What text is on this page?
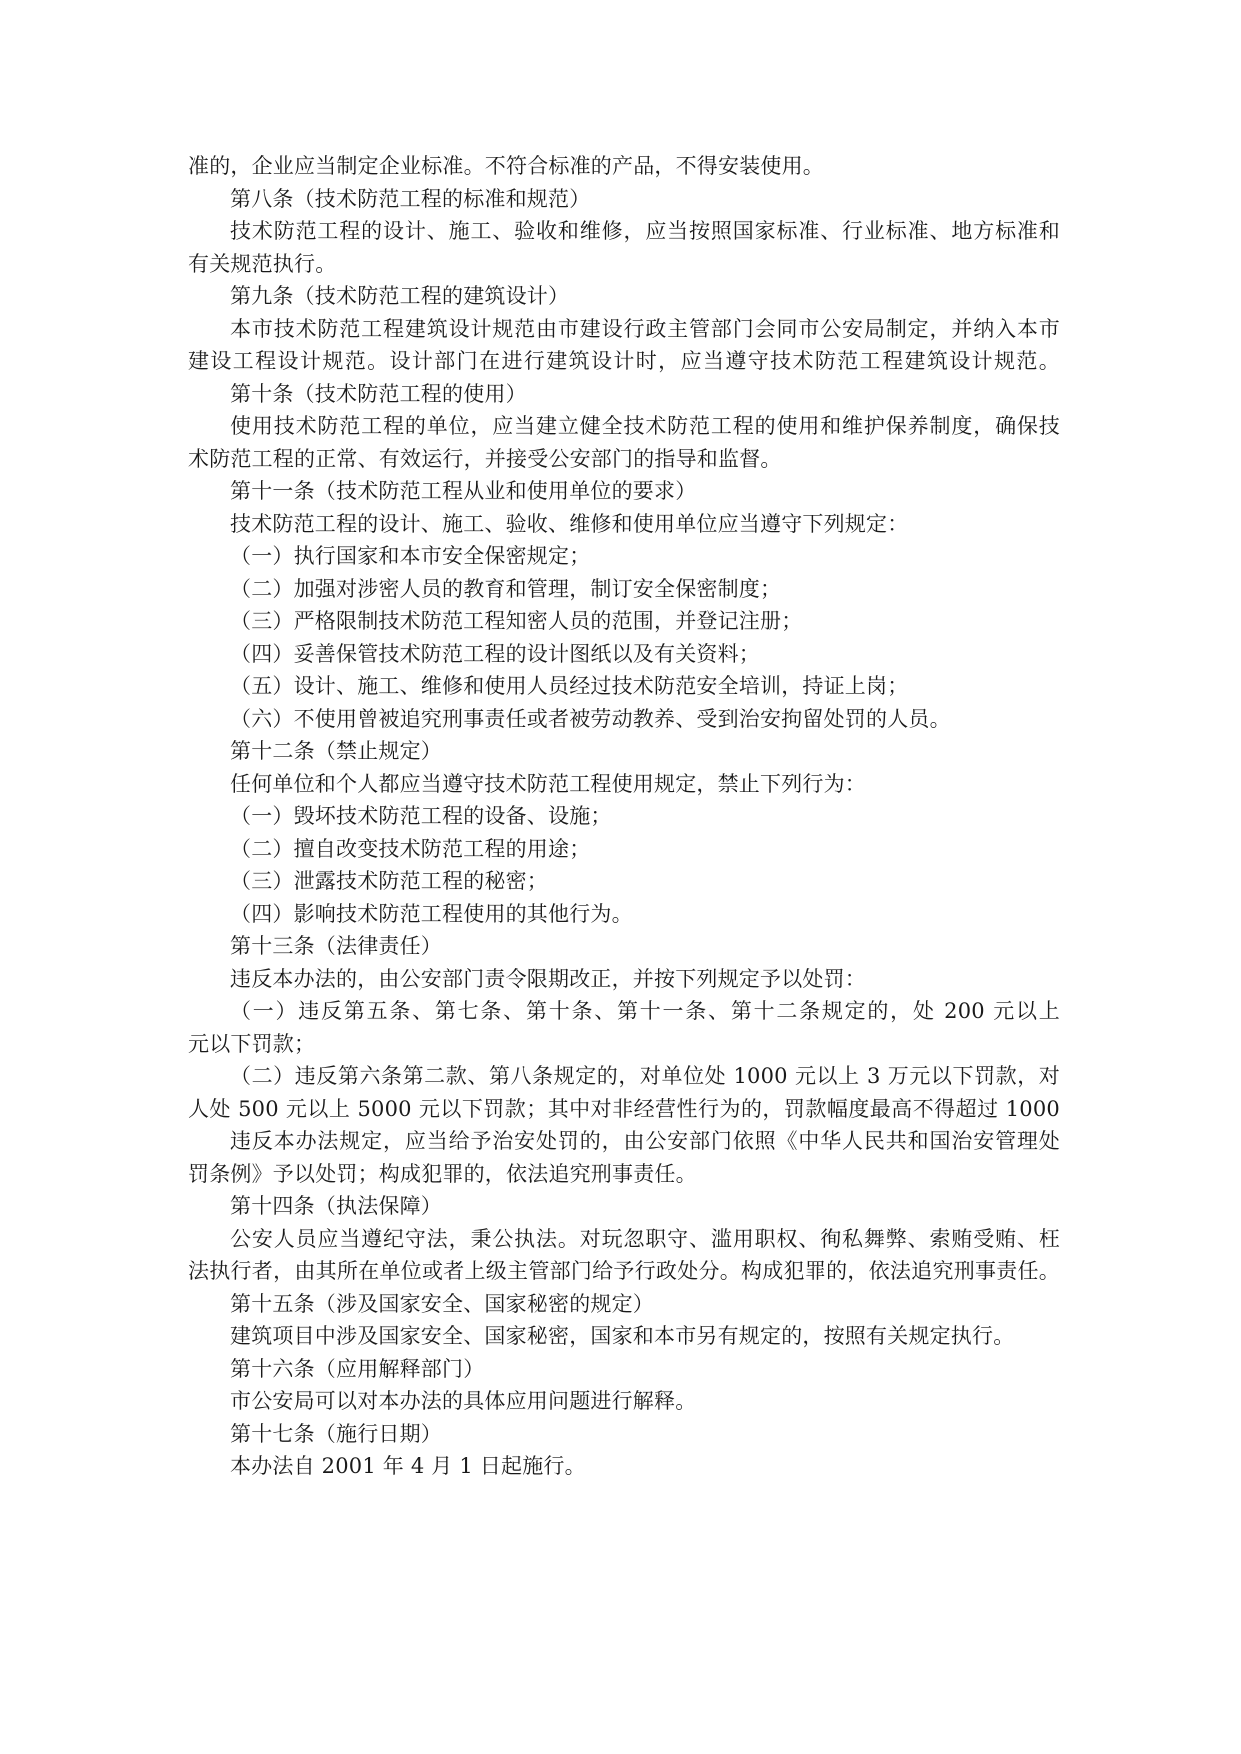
准的，企业应当制定企业标准。不符合标准的产品，不得安装使用。
第八条（技术防范工程的标准和规范）
技术防范工程的设计、施工、验收和维修，应当按照国家标准、行业标准、地方标准和
有关规范执行。
第九条（技术防范工程的建筑设计）
本市技术防范工程建筑设计规范由市建设行政主管部门会同市公安局制定，并纳入本市
建设工程设计规范。设计部门在进行建筑设计时，应当遵守技术防范工程建筑设计规范。
第十条（技术防范工程的使用）
使用技术防范工程的单位，应当建立健全技术防范工程的使用和维护保养制度，确保技
术防范工程的正常、有效运行，并接受公安部门的指导和监督。
第十一条（技术防范工程从业和使用单位的要求）
技术防范工程的设计、施工、验收、维修和使用单位应当遵守下列规定：
（一）执行国家和本市安全保密规定；
（二）加强对涉密人员的教育和管理，制订安全保密制度；
（三）严格限制技术防范工程知密人员的范围，并登记注册；
（四）妥善保管技术防范工程的设计图纸以及有关资料；
（五）设计、施工、维修和使用人员经过技术防范安全培训，持证上岗；
（六）不使用曾被追究刑事责任或者被劳动教养、受到治安拘留处罚的人员。
第十二条（禁止规定）
任何单位和个人都应当遵守技术防范工程使用规定，禁止下列行为：
（一）毁坏技术防范工程的设备、设施；
（二）擅自改变技术防范工程的用途；
（三）泄露技术防范工程的秘密；
（四）影响技术防范工程使用的其他行为。
第十三条（法律责任）
违反本办法的，由公安部门责令限期改正，并按下列规定予以处罚：
（一）违反第五条、第七条、第十条、第十一条、第十二条规定的，处 200 元以上
元以下罚款；
（二）违反第六条第二款、第八条规定的，对单位处 1000 元以上 3 万元以下罚款，对
人处 500 元以上 5000 元以下罚款；其中对非经营性行为的，罚款幅度最高不得超过 1000
违反本办法规定，应当给予治安处罚的，由公安部门依照《中华人民共和国治安管理处
罚条例》予以处罚；构成犯罪的，依法追究刑事责任。
第十四条（执法保障）
公安人员应当遵纪守法，秉公执法。对玩忽职守、滥用职权、徇私舞弊、索贿受贿、枉
法执行者，由其所在单位或者上级主管部门给予行政处分。构成犯罪的，依法追究刑事责任。
第十五条（涉及国家安全、国家秘密的规定）
建筑项目中涉及国家安全、国家秘密，国家和本市另有规定的，按照有关规定执行。
第十六条（应用解释部门）
市公安局可以对本办法的具体应用问题进行解释。
第十七条（施行日期）
本办法自 2001 年 4 月 1 日起施行。
